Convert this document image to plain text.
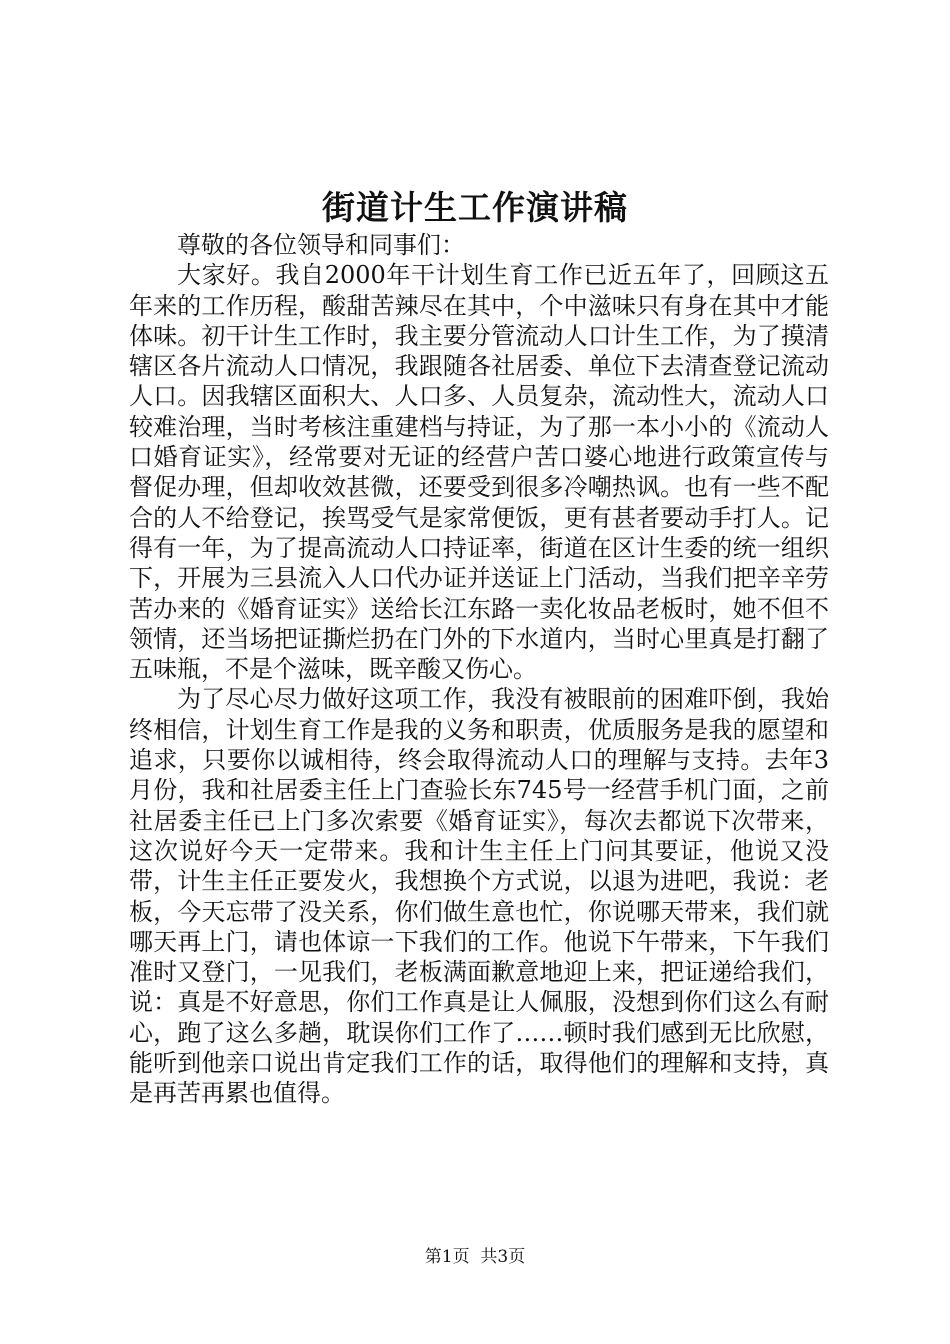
街道计生工作演讲稿

尊敬的各位领导和同事们：

大家好。我自2000年干计划生育工作已近五年了，回顾这五年来的工作历程，酸甜苦辣尽在其中，个中滋味只有身在其中才能体味。初干计生工作时，我主要分管流动人口计生工作，为了摸清辖区各片流动人口情况，我跟随各社居委、单位下去清查登记流动人口。因我辖区面积大、人口多、人员复杂，流动性大，流动人口较难治理，当时考核注重建档与持证，为了那一本小小的《流动人口婚育证实》，经常要对无证的经营户苦口婆心地进行政策宣传与督促办理，但却收效甚微，还要受到很多冷嘲热讽。也有一些不配合的人不给登记，挨骂受气是家常便饭，更有甚者要动手打人。记得有一年，为了提高流动人口持证率，街道在区计生委的统一组织下，开展为三县流入人口代办证并送证上门活动，当我们把辛辛劳苦办来的《婚育证实》送给长江东路一卖化妆品老板时，她不但不领情，还当场把证撕烂扔在门外的下水道内，当时心里真是打翻了五味瓶，不是个滋味，既辛酸又伤心。

为了尽心尽力做好这项工作，我没有被眼前的困难吓倒，我始终相信，计划生育工作是我的义务和职责，优质服务是我的愿望和追求，只要你以诚相待，终会取得流动人口的理解与支持。去年3月份，我和社居委主任上门查验长东745号一经营手机门面，之前社居委主任已上门多次索要《婚育证实》，每次去都说下次带来，这次说好今天一定带来。我和计生主任上门问其要证，他说又没带，计生主任正要发火，我想换个方式说，以退为进吧，我说：老板，今天忘带了没关系，你们做生意也忙，你说哪天带来，我们就哪天再上门，请也体谅一下我们的工作。他说下午带来，下午我们准时又登门，一见我们，老板满面歉意地迎上来，把证递给我们，说：真是不好意思，你们工作真是让人佩服，没想到你们这么有耐心，跑了这么多趟，耽误你们工作了……顿时我们感到无比欣慰，能听到他亲口说出肯定我们工作的话，取得他们的理解和支持，真是再苦再累也值得。

第1页 共3页
